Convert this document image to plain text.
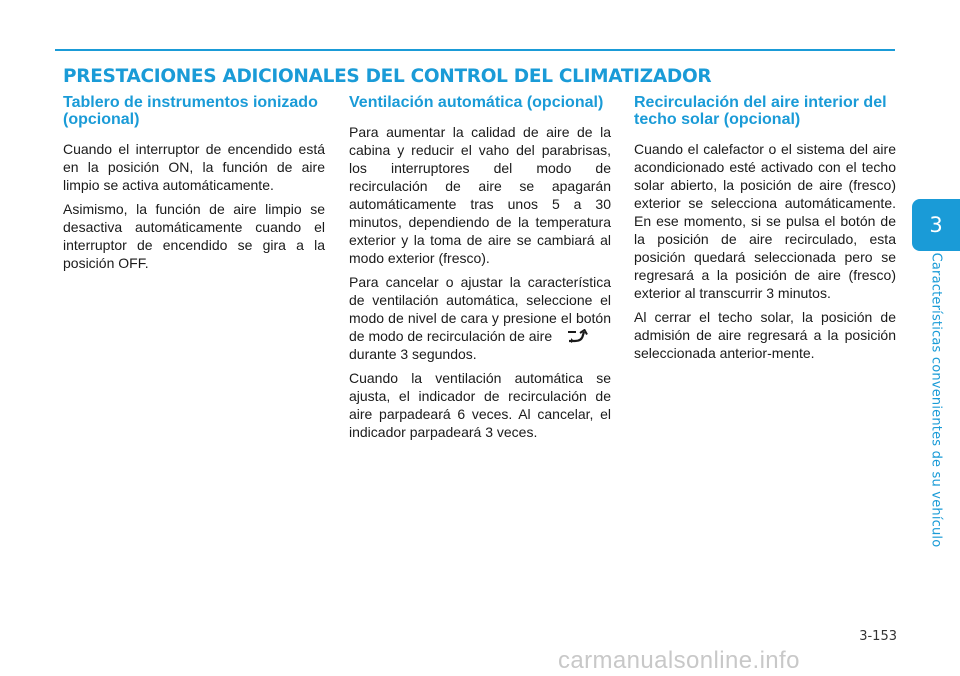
PRESTACIONES ADICIONALES DEL CONTROL DEL CLIMATIZADOR
Tablero de instrumentos ionizado (opcional)

Cuando el interruptor de encendido está en la posición ON, la función de aire limpio se activa automáticamente.

Asimismo, la función de aire limpio se desactiva automáticamente cuando el interruptor de encendido se gira a la posición OFF.

Ventilación automática (opcional)

Para aumentar la calidad de aire de la cabina y reducir el vaho del parabrisas, los interruptores del modo de recirculación de aire se apagarán automáticamente tras unos 5 a 30 minutos, dependiendo de la temperatura exterior y la toma de aire se cambiará al modo exterior (fresco).

Para cancelar o ajustar la característica de ventilación automática, seleccione el modo de nivel de cara y presione el botón de modo de recirculación de aire

durante 3 segundos.

Cuando la ventilación automática se ajusta, el indicador de recirculación de aire parpadeará 6 veces. Al cancelar, el indicador parpadeará 3 veces.

Recirculación del aire interior del techo solar (opcional)

Cuando el calefactor o el sistema del aire acondicionado esté activado con el techo solar abierto, la posición de aire (fresco) exterior se selecciona automáticamente. En ese momento, si se pulsa el botón de la posición de aire recirculado, esta posición quedará seleccionada pero se regresará a la posición de aire (fresco) exterior al transcurrir 3 minutos.

Al cerrar el techo solar, la posición de admisión de aire regresará a la posición seleccionada anterior-mente.

3
Características convenientes de su vehículo
3-153
carmanualsonline.info
